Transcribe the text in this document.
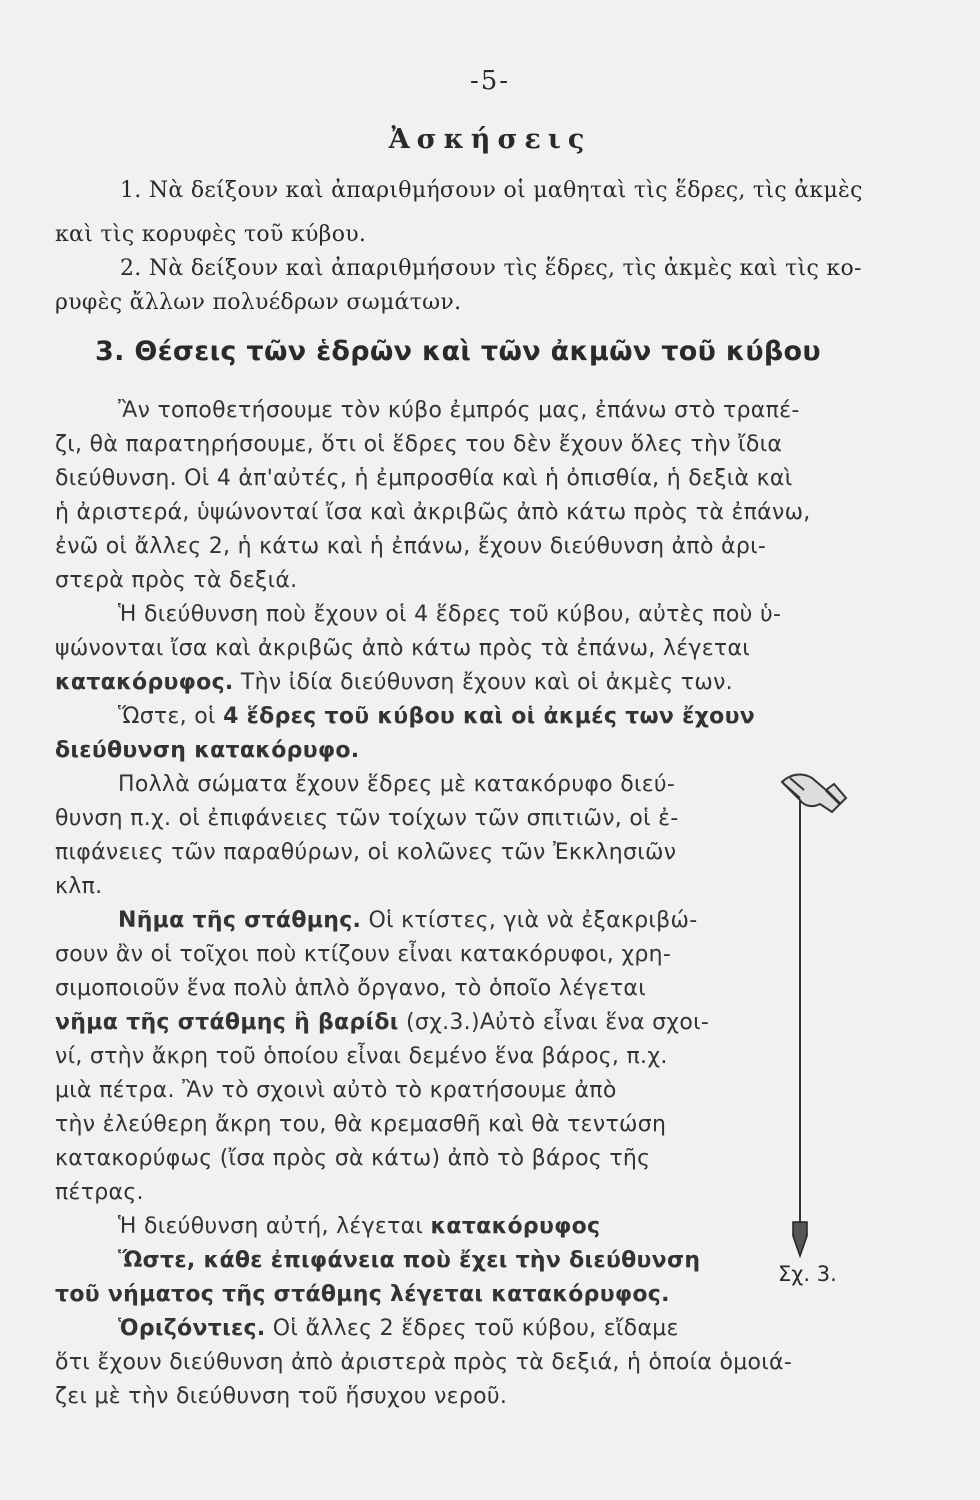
-5-
Ἀσκήσεις
1. Νὰ δείξουν καὶ ἀπαριθμήσουν οἱ μαθηταὶ τὶς ἕδρες, τὶς ἀκμὲς
καὶ τὶς κορυφὲς τοῦ κύβου.
2. Νὰ δείξουν καὶ ἀπαριθμήσουν τὶς ἕδρες, τὶς ἀκμὲς καὶ τὶς κο-
ρυφὲς ἄλλων πολυέδρων σωμάτων.
3. Θέσεις τῶν ἑδρῶν καὶ τῶν ἀκμῶν τοῦ κύβου
Ἂν τοποθετήσουμε τὸν κύβο ἐμπρός μας, ἐπάνω στὸ τραπέ-
ζι, θὰ παρατηρήσουμε, ὅτι οἱ ἕδρες του δὲν ἔχουν ὅλες τὴν ἴδια
διεύθυνση. Οἱ 4 ἀπ'αὐτές, ἡ ἐμπροσθία καὶ ἡ ὀπισθία, ἡ δεξιὰ καὶ
ἡ ἀριστερά, ὑψώνονταί ἴσα καὶ ἀκριβῶς ἀπὸ κάτω πρὸς τὰ ἐπάνω,
ἐνῶ οἱ ἄλλες 2, ἡ κάτω καὶ ἡ ἐπάνω, ἔχουν διεύθυνση ἀπὸ ἀρι-
στερὰ πρὸς τὰ δεξιά.
Ἡ διεύθυνση ποὺ ἔχουν οἱ 4 ἕδρες τοῦ κύβου, αὐτὲς ποὺ ὑ-
ψώνονται ἴσα καὶ ἀκριβῶς ἀπὸ κάτω πρὸς τὰ ἐπάνω, λέγεται
κατακόρυφος. Τὴν ἰδία διεύθυνση ἔχουν καὶ οἱ ἀκμὲς των.
Ὥστε, οἱ 4 ἕδρες τοῦ κύβου καὶ οἱ ἀκμές των ἔχουν
διεύθυνση κατακόρυφο.
Πολλὰ σώματα ἔχουν ἕδρες μὲ κατακόρυφο διεύ-
θυνση π.χ. οἱ ἐπιφάνειες τῶν τοίχων τῶν σπιτιῶν, οἱ ἐ-
πιφάνειες τῶν παραθύρων, οἱ κολῶνες τῶν Ἐκκλησιῶν
κλπ.
Νῆμα τῆς στάθμης. Οἱ κτίστες, γιὰ νὰ ἐξακριβώ-
σουν ἂν οἱ τοῖχοι ποὺ κτίζουν εἶναι κατακόρυφοι, χρη-
σιμοποιοῦν ἕνα πολὺ ἁπλὸ ὄργανο, τὸ ὁποῖο λέγεται
νῆμα τῆς στάθμης ἢ βαρίδι (σχ.3.)Αὐτὸ εἶναι ἕνα σχοι-
νί, στὴν ἄκρη τοῦ ὁποίου εἶναι δεμένο ἕνα βάρος, π.χ.
μιὰ πέτρα. Ἂν τὸ σχοινὶ αὐτὸ τὸ κρατήσουμε ἀπὸ
τὴν ἐλεύθερη ἄκρη του, θὰ κρεμασθῆ καὶ θὰ τεντώση
κατακορύφως (ἴσα πρὸς σὰ κάτω) ἀπὸ τὸ βάρος τῆς
πέτρας.
Ἡ διεύθυνση αὐτή, λέγεται κατακόρυφος
Ὥστε, κάθε ἐπιφάνεια ποὺ ἔχει τὴν διεύθυνση
τοῦ νήματος τῆς στάθμης λέγεται κατακόρυφος.
Ὁριζόντιες. Οἱ ἄλλες 2 ἕδρες τοῦ κύβου, εἴδαμε
ὅτι ἔχουν διεύθυνση ἀπὸ ἀριστερὰ πρὸς τὰ δεξιά, ἡ ὁποία ὁμοιά-
ζει μὲ τὴν διεύθυνση τοῦ ἥσυχου νεροῦ.
Σχ. 3.
